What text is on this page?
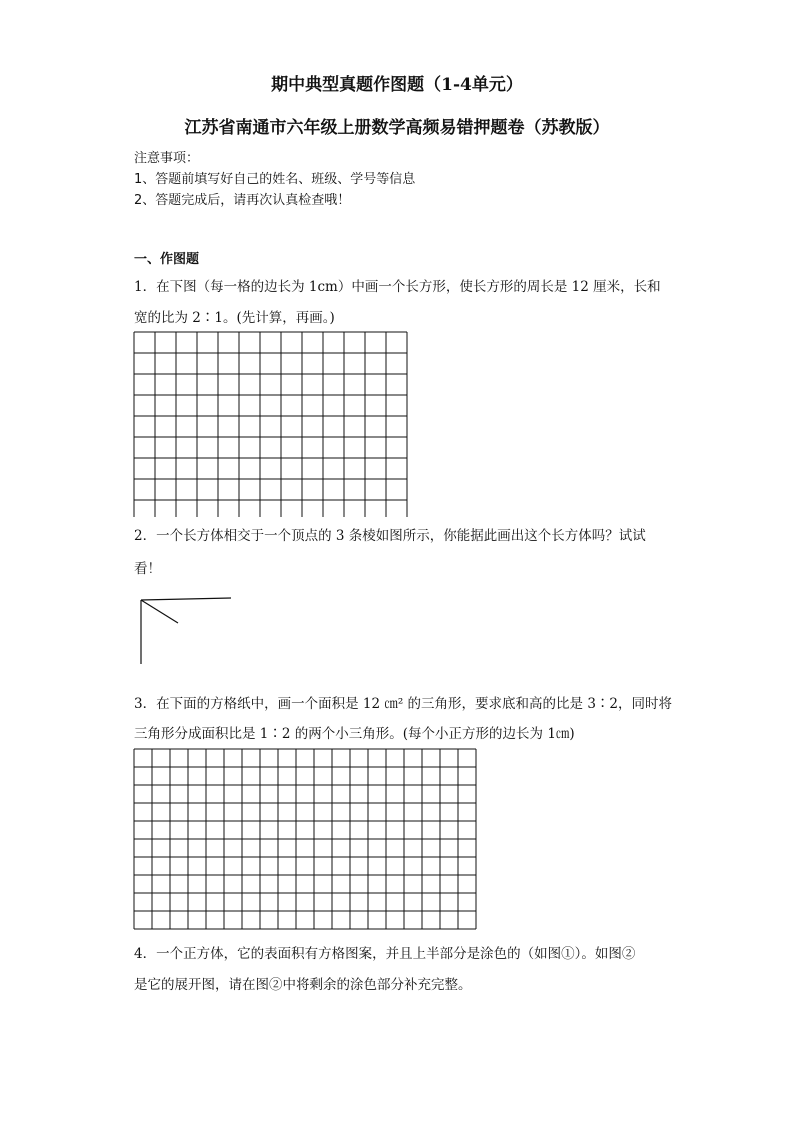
期中典型真题作图题（1-4单元）
江苏省南通市六年级上册数学高频易错押题卷（苏教版）
注意事项：
1、答题前填写好自己的姓名、班级、学号等信息
2、答题完成后，请再次认真检查哦！
一、作图题
1．在下图（每一格的边长为 1cm）中画一个长方形，使长方形的周长是 12 厘米，长和
宽的比为 2∶1。(先计算，再画。)
2．一个长方体相交于一个顶点的 3 条棱如图所示，你能据此画出这个长方体吗？试试
看！
3．在下面的方格纸中，画一个面积是 12 ㎝² 的三角形，要求底和高的比是 3∶2，同时将
三角形分成面积比是 1∶2 的两个小三角形。(每个小正方形的边长为 1㎝)
4．一个正方体，它的表面积有方格图案，并且上半部分是涂色的（如图①）。如图②
是它的展开图，请在图②中将剩余的涂色部分补充完整。
